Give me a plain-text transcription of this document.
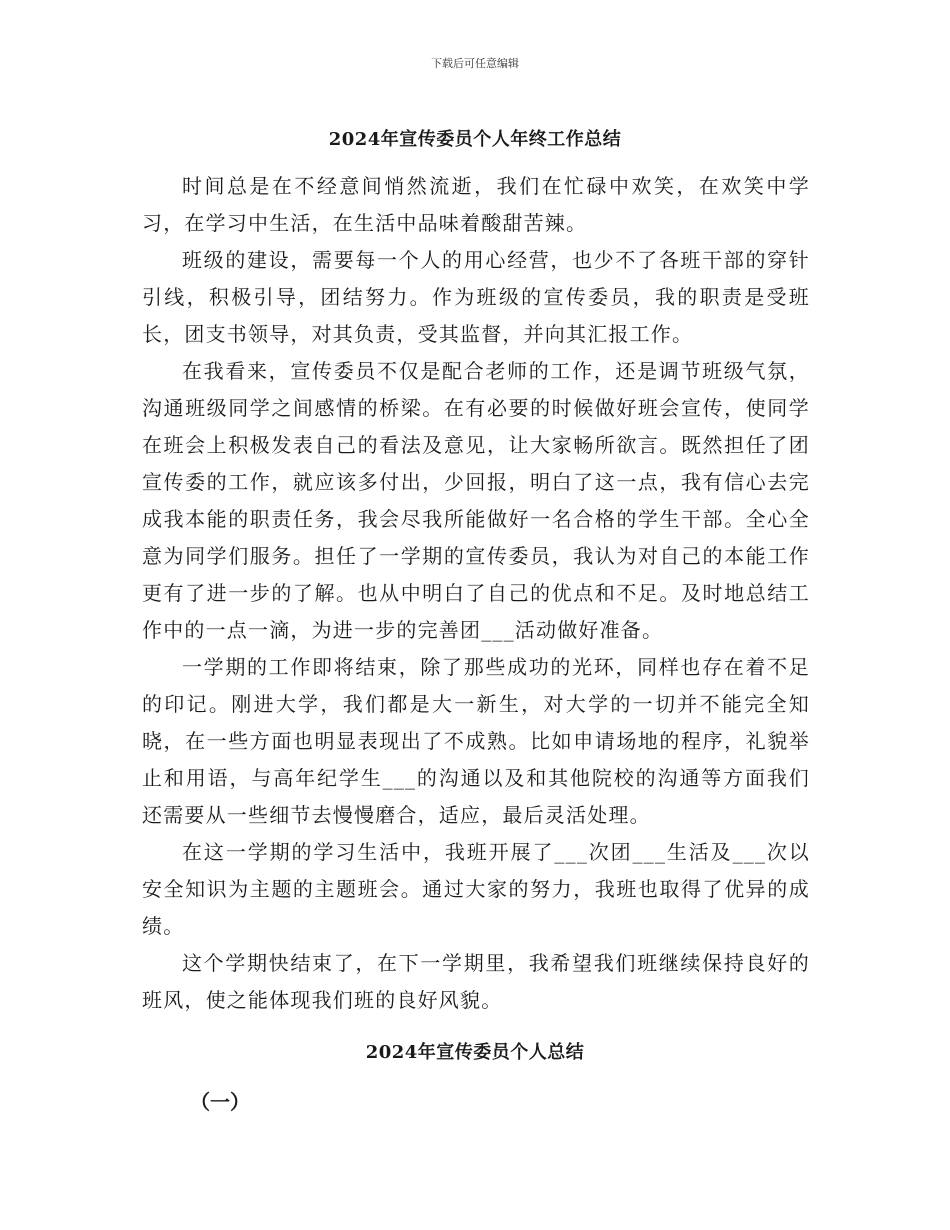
下载后可任意编辑
2024年宣传委员个人年终工作总结

时间总是在不经意间悄然流逝，我们在忙碌中欢笑，在欢笑中学习，在学习中生活，在生活中品味着酸甜苦辣。

班级的建设，需要每一个人的用心经营，也少不了各班干部的穿针引线，积极引导，团结努力。作为班级的宣传委员，我的职责是受班长，团支书领导，对其负责，受其监督，并向其汇报工作。

在我看来，宣传委员不仅是配合老师的工作，还是调节班级气氛，沟通班级同学之间感情的桥梁。在有必要的时候做好班会宣传，使同学在班会上积极发表自己的看法及意见，让大家畅所欲言。既然担任了团宣传委的工作，就应该多付出，少回报，明白了这一点，我有信心去完成我本能的职责任务，我会尽我所能做好一名合格的学生干部。全心全意为同学们服务。担任了一学期的宣传委员，我认为对自己的本能工作更有了进一步的了解。也从中明白了自己的优点和不足。及时地总结工作中的一点一滴，为进一步的完善团___活动做好准备。

一学期的工作即将结束，除了那些成功的光环，同样也存在着不足的印记。刚进大学，我们都是大一新生，对大学的一切并不能完全知晓，在一些方面也明显表现出了不成熟。比如申请场地的程序，礼貌举止和用语，与高年纪学生___的沟通以及和其他院校的沟通等方面我们还需要从一些细节去慢慢磨合，适应，最后灵活处理。

在这一学期的学习生活中，我班开展了___次团___生活及___次以安全知识为主题的主题班会。通过大家的努力，我班也取得了优异的成绩。

这个学期快结束了，在下一学期里，我希望我们班继续保持良好的班风，使之能体现我们班的良好风貌。

2024年宣传委员个人总结
（一）
